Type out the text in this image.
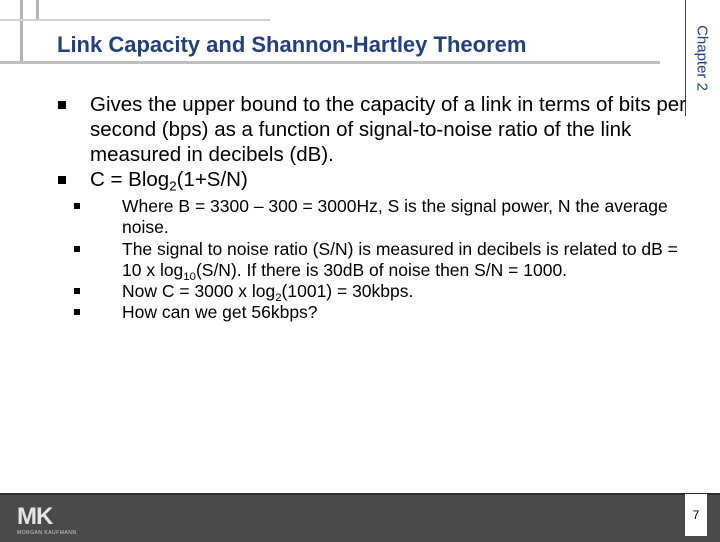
Link Capacity and Shannon-Hartley Theorem	Chapter 2
Gives the upper bound to the capacity of a link in terms of bits per second (bps) as a function of signal-to-noise ratio of the link measured in decibels (dB).
C = Blog$_2$(1+S/N)
Where B = 3300 – 300 = 3000Hz, S is the signal power, N the average noise.
The signal to noise ratio (S/N) is measured in decibels is related to dB = 10 x $\log_{10}(S/N)$. If there is 30dB of noise then S/N = 1000.
Now C = 3000 x $\log_2(1001)$ = 30kbps.
How can we get 56kbps?
MK
MORGAN KAUFMANN
7
